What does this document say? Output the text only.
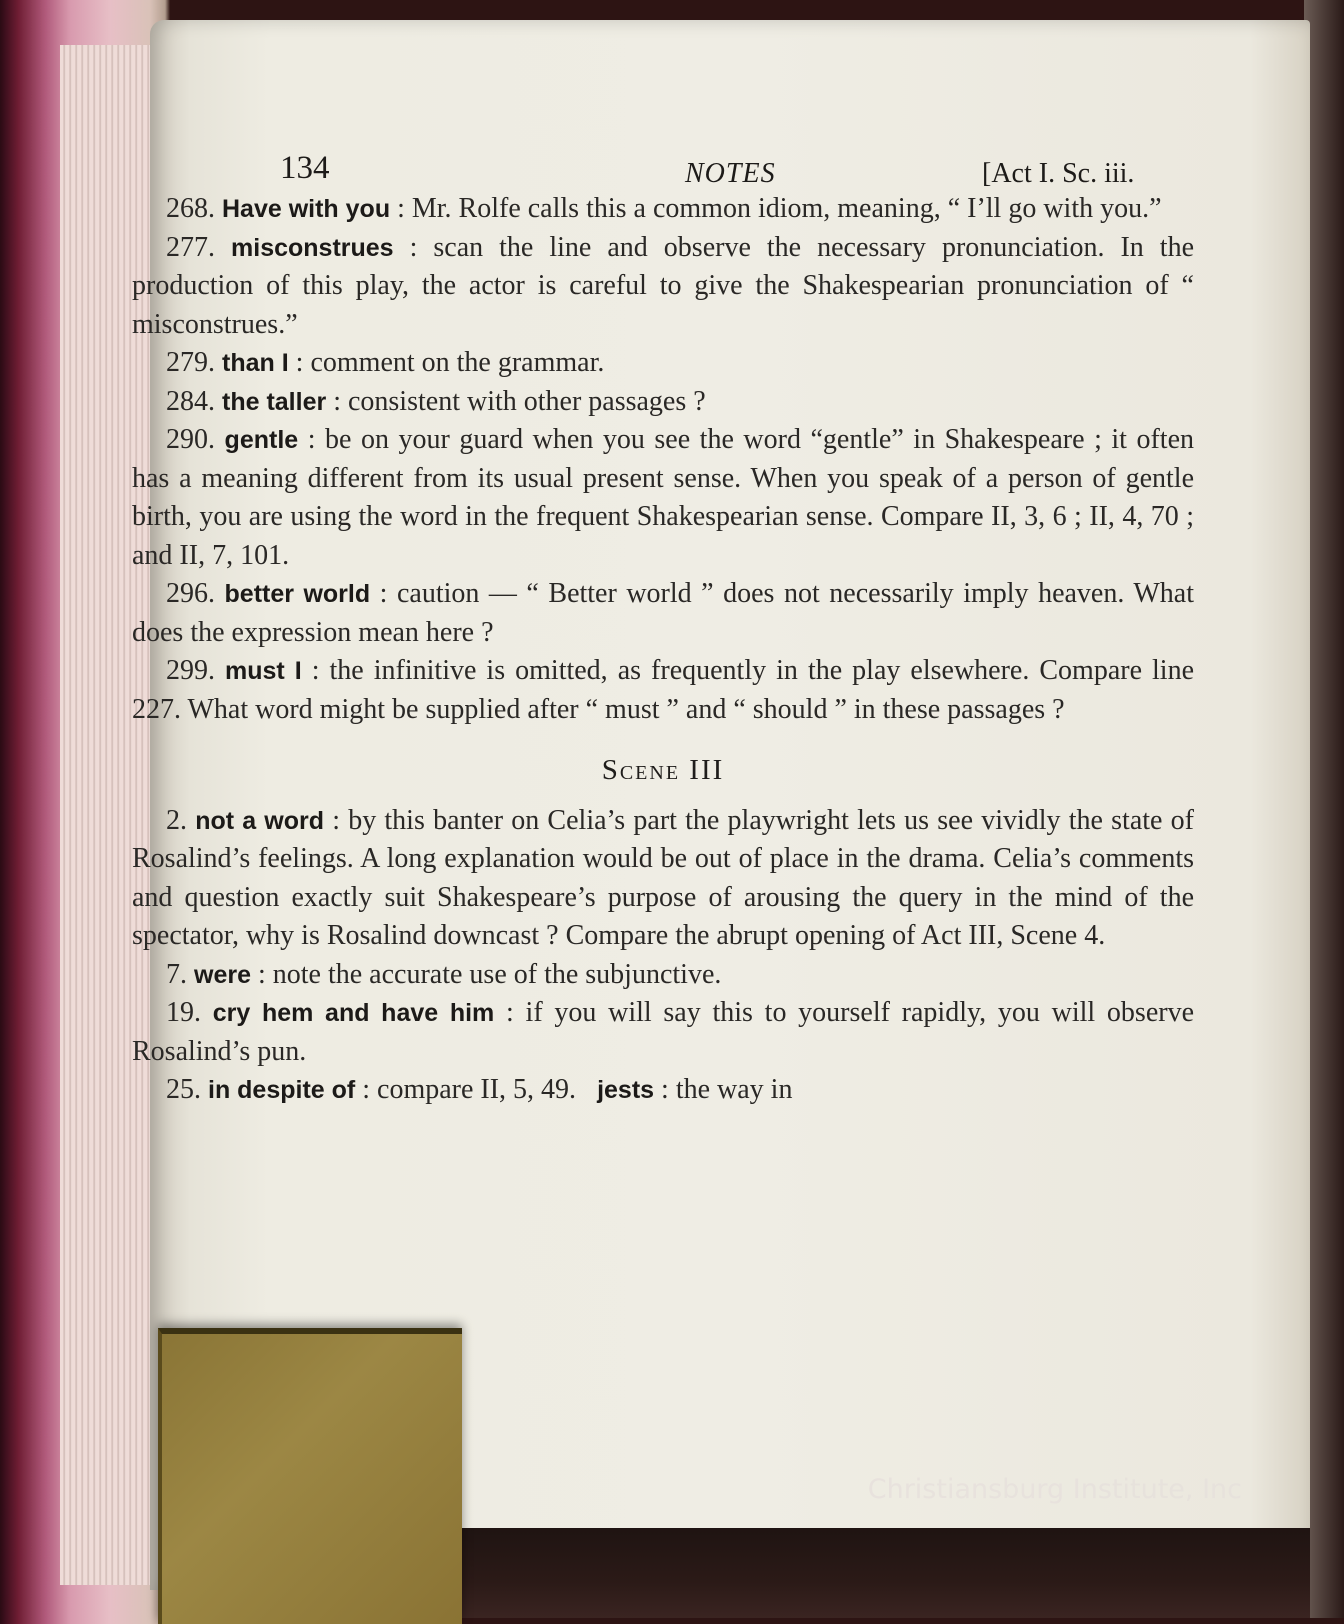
134	NOTES	[Act I. Sc. iii.

268. Have with you : Mr. Rolfe calls this a common idiom, meaning, “ I’ll go with you.”

277. misconstrues : scan the line and observe the necessary pronunciation. In the production of this play, the actor is careful to give the Shakespearian pronunciation of “ misconstrues.”

279. than I : comment on the grammar.

284. the taller : consistent with other passages ?

290. gentle : be on your guard when you see the word “gentle” in Shakespeare ; it often has a meaning different from its usual present sense. When you speak of a person of gentle birth, you are using the word in the frequent Shakespearian sense. Compare II, 3, 6 ; II, 4, 70 ; and II, 7, 101.

296. better world : caution — “ Better world ” does not necessarily imply heaven. What does the expression mean here ?

299. must I : the infinitive is omitted, as frequently in the play elsewhere. Compare line 227. What word might be supplied after “ must ” and “ should ” in these passages ?

Scene III

2. not a word : by this banter on Celia’s part the playwright lets us see vividly the state of Rosalind’s feelings. A long explanation would be out of place in the drama. Celia’s comments and question exactly suit Shakespeare’s purpose of arousing the query in the mind of the spectator, why is Rosalind downcast ? Compare the abrupt opening of Act III, Scene 4.

7. were : note the accurate use of the subjunctive.

19. cry hem and have him : if you will say this to yourself rapidly, you will observe Rosalind’s pun.

25. in despite of : compare II, 5, 49. jests : the way in

Christiansburg Institute, Inc
